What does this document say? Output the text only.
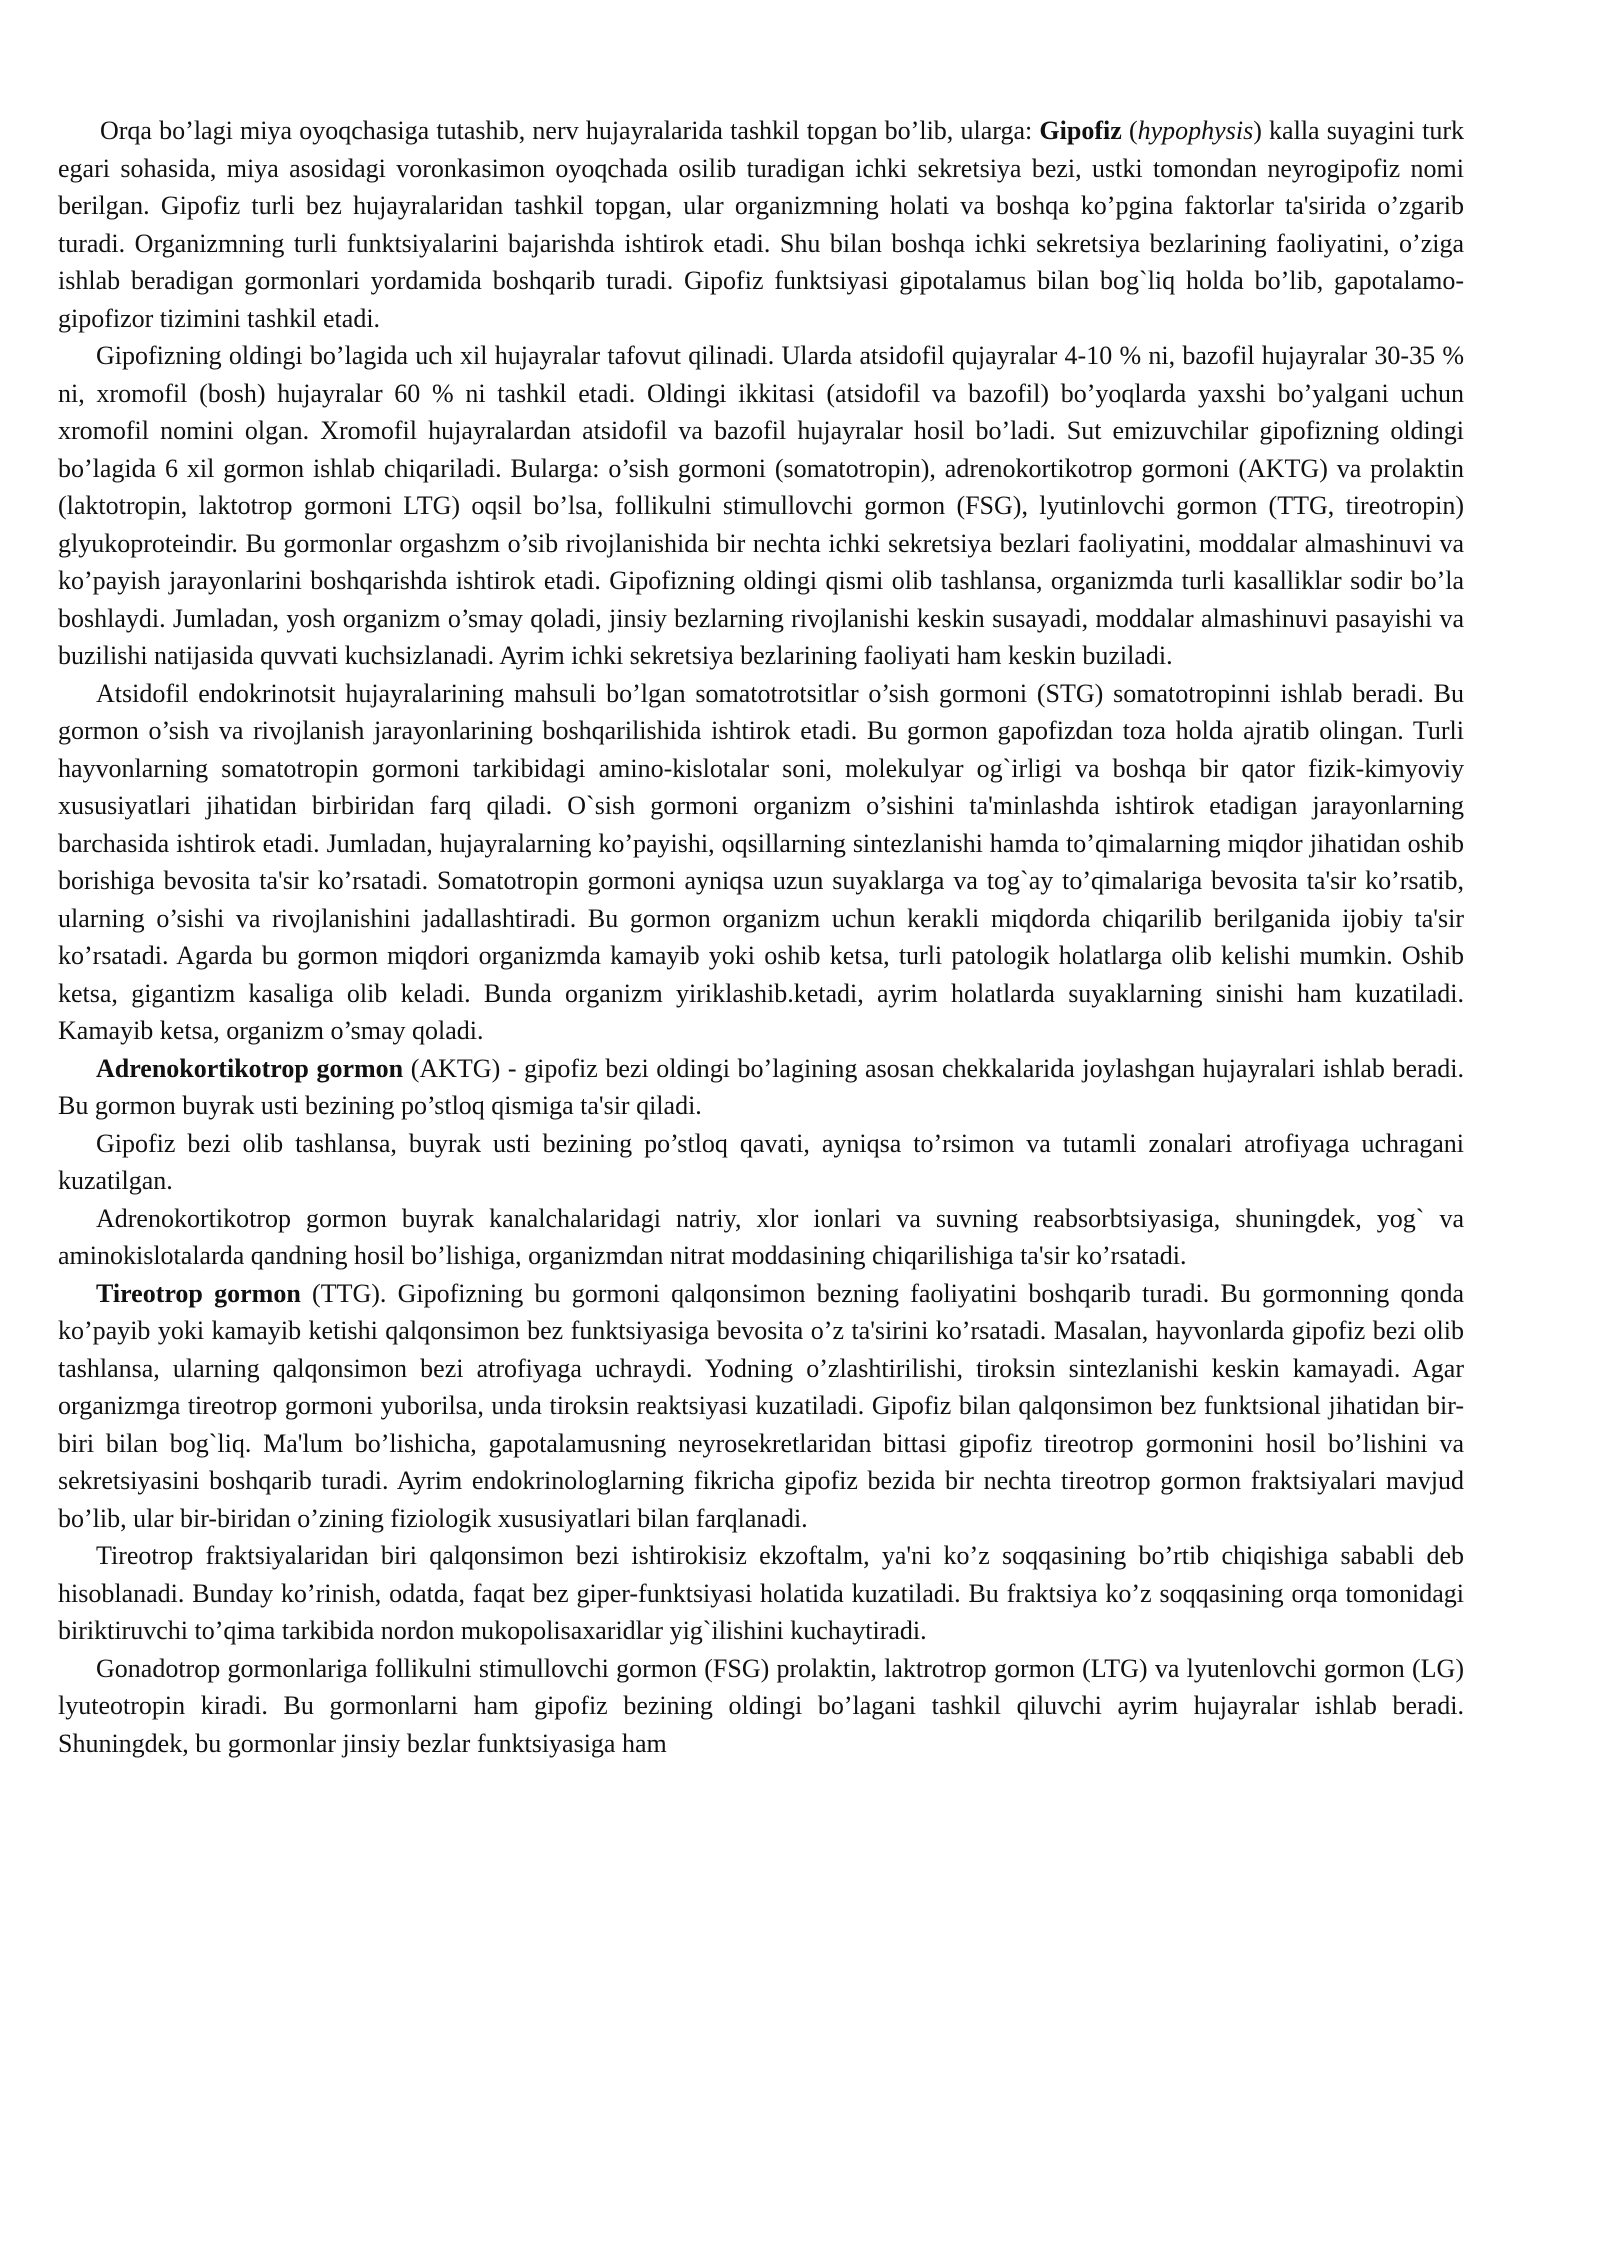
Orqa bo’lagi miya oyoqchasiga tutashib, nerv hujayralarida tashkil topgan bo’lib, ularga: Gipofiz (hypophysis) kalla suyagini turk egari sohasida, miya asosidagi voronkasimon oyoqchada osilib turadigan ichki sekretsiya bezi, ustki tomondan neyrogipofiz nomi berilgan. Gipofiz turli bez hujayralaridan tashkil topgan, ular organizmning holati va boshqa ko’pgina faktorlar ta'sirida o’zgarib turadi. Organizmning turli funktsiyalarini bajarishda ishtirok etadi. Shu bilan boshqa ichki sekretsiya bezlarining faoliyatini, o’ziga ishlab beradigan gormonlari yordamida boshqarib turadi. Gipofiz funktsiyasi gipotalamus bilan bog`liq holda bo’lib, gapotalamo-gipofizor tizimini tashkil etadi.

Gipofizning oldingi bo’lagida uch xil hujayralar tafovut qilinadi. Ularda atsidofil qujayralar 4-10 % ni, bazofil hujayralar 30-35 % ni, xromofil (bosh) hujayralar 60 % ni tashkil etadi. Oldingi ikkitasi (atsidofil va bazofil) bo’yoqlarda yaxshi bo’yalgani uchun xromofil nomini olgan. Xromofil hujayralardan atsidofil va bazofil hujayralar hosil bo’ladi. Sut emizuvchilar gipofizning oldingi bo’lagida 6 xil gormon ishlab chiqariladi. Bularga: o’sish gormoni (somatotropin), adrenokortikotrop gormoni (AKTG) va prolaktin (laktotropin, laktotrop gormoni LTG) oqsil bo’lsa, follikulni stimullovchi gormon (FSG), lyutinlovchi gormon (TTG, tireotropin) glyukoproteindir. Bu gormonlar orgashzm o’sib rivojlanishida bir nechta ichki sekretsiya bezlari faoliyatini, moddalar almashinuvi va ko’payish jarayonlarini boshqarishda ishtirok etadi. Gipofizning oldingi qismi olib tashlansa, organizmda turli kasalliklar sodir bo’la boshlaydi. Jumladan, yosh organizm o’smay qoladi, jinsiy bezlarning rivojlanishi keskin susayadi, moddalar almashinuvi pasayishi va buzilishi natijasida quvvati kuchsizlanadi. Ayrim ichki sekretsiya bezlarining faoliyati ham keskin buziladi.

Atsidofil endokrinotsit hujayralarining mahsuli bo’lgan somatotrotsitlar o’sish gormoni (STG) somatotropinni ishlab beradi. Bu gormon o’sish va rivojlanish jarayonlarining boshqarilishida ishtirok etadi. Bu gormon gapofizdan toza holda ajratib olingan. Turli hayvonlarning somatotropin gormoni tarkibidagi amino-kislotalar soni, molekulyar og`irligi va boshqa bir qator fizik-kimyoviy xususiyatlari jihatidan birbiridan farq qiladi. O`sish gormoni organizm o’sishini ta'minlashda ishtirok etadigan jarayonlarning barchasida ishtirok etadi. Jumladan, hujayralarning ko’payishi, oqsillarning sintezlanishi hamda to’qimalarning miqdor jihatidan oshib borishiga bevosita ta'sir ko’rsatadi. Somatotropin gormoni ayniqsa uzun suyaklarga va tog`ay to’qimalariga bevosita ta'sir ko’rsatib, ularning o’sishi va rivojlanishini jadallashtiradi. Bu gormon organizm uchun kerakli miqdorda chiqarilib berilganida ijobiy ta'sir ko’rsatadi. Agarda bu gormon miqdori organizmda kamayib yoki oshib ketsa, turli patologik holatlarga olib kelishi mumkin. Oshib ketsa, gigantizm kasaliga olib keladi. Bunda organizm yiriklashib.ketadi, ayrim holatlarda suyaklarning sinishi ham kuzatiladi. Kamayib ketsa, organizm o’smay qoladi.

Adrenokortikotrop gormon (AKTG) - gipofiz bezi oldingi bo’lagining asosan chekkalarida joylashgan hujayralari ishlab beradi. Bu gormon buyrak usti bezining po’stloq qismiga ta'sir qiladi.

Gipofiz bezi olib tashlansa, buyrak usti bezining po’stloq qavati, ayniqsa to’rsimon va tutamli zonalari atrofiyaga uchragani kuzatilgan.

Adrenokortikotrop gormon buyrak kanalchalaridagi natriy, xlor ionlari va suvning reabsorbtsiyasiga, shuningdek, yog` va aminokislotalarda qandning hosil bo’lishiga, organizmdan nitrat moddasining chiqarilishiga ta'sir ko’rsatadi.

Tireotrop gormon (TTG). Gipofizning bu gormoni qalqonsimon bezning faoliyatini boshqarib turadi. Bu gormonning qonda ko’payib yoki kamayib ketishi qalqonsimon bez funktsiyasiga bevosita o’z ta'sirini ko’rsatadi. Masalan, hayvonlarda gipofiz bezi olib tashlansa, ularning qalqonsimon bezi atrofiyaga uchraydi. Yodning o’zlashtirilishi, tiroksin sintezlanishi keskin kamayadi. Agar organizmga tireotrop gormoni yuborilsa, unda tiroksin reaktsiyasi kuzatiladi. Gipofiz bilan qalqonsimon bez funktsional jihatidan bir-biri bilan bog`liq. Ma'lum bo’lishicha, gapotalamusning neyrosekretlaridan bittasi gipofiz tireotrop gormonini hosil bo’lishini va sekretsiyasini boshqarib turadi. Ayrim endokrinologlarning fikricha gipofiz bezida bir nechta tireotrop gormon fraktsiyalari mavjud bo’lib, ular bir-biridan o’zining fiziologik xususiyatlari bilan farqlanadi.

Tireotrop fraktsiyalaridan biri qalqonsimon bezi ishtirokisiz ekzoftalm, ya'ni ko’z soqqasining bo’rtib chiqishiga sababli deb hisoblanadi. Bunday ko’rinish, odatda, faqat bez giper-funktsiyasi holatida kuzatiladi. Bu fraktsiya ko’z soqqasining orqa tomonidagi biriktiruvchi to’qima tarkibida nordon mukopolisaxaridlar yig`ilishini kuchaytiradi.

Gonadotrop gormonlariga follikulni stimullovchi gormon (FSG) prolaktin, laktrotrop gormon (LTG) va lyutenlovchi gormon (LG) lyuteotropin kiradi. Bu gormonlarni ham gipofiz bezining oldingi bo’lagani tashkil qiluvchi ayrim hujayralar ishlab beradi. Shuningdek, bu gormonlar jinsiy bezlar funktsiyasiga ham
